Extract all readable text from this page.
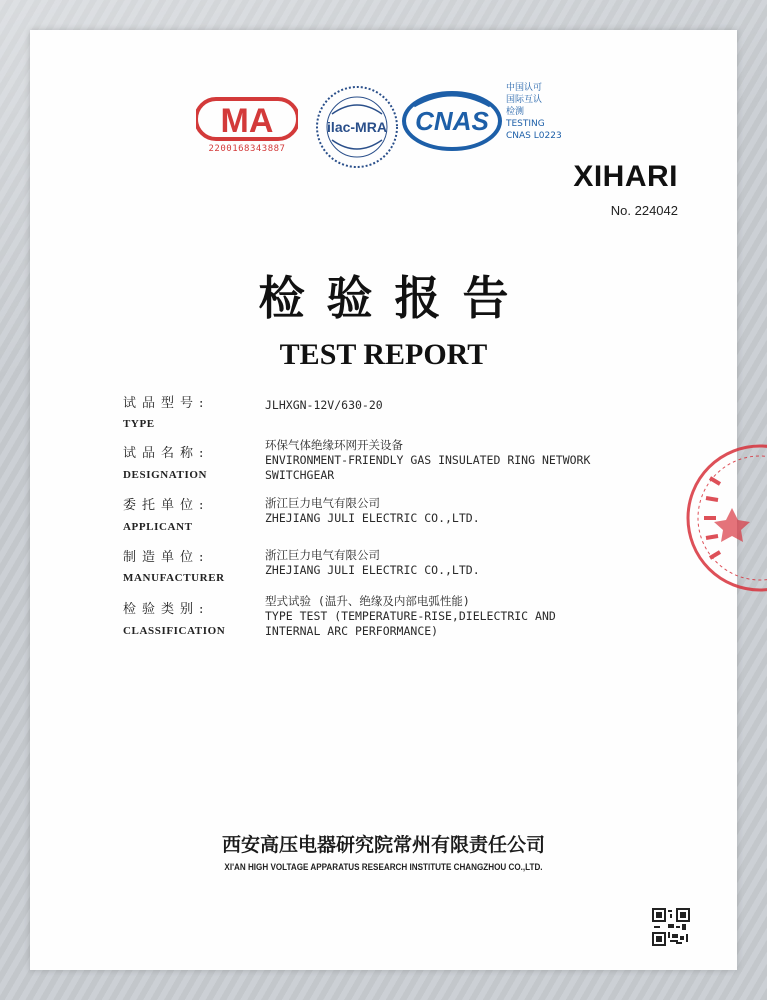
MA
2200168343887
ilac-MRA CNAS
中国认可
国际互认
检测
TESTING
CNAS L0223
XIHARI
No. 224042
检验报告
TEST REPORT
试品型号:
TYPE
JLHXGN-12V/630-20
试品名称:
DESIGNATION
环保气体绝缘环网开关设备
ENVIRONMENT-FRIENDLY GAS INSULATED RING NETWORK
SWITCHGEAR
委托单位:
APPLICANT
浙江巨力电气有限公司
ZHEJIANG JULI ELECTRIC CO.,LTD.
制造单位:
MANUFACTURER
浙江巨力电气有限公司
ZHEJIANG JULI ELECTRIC CO.,LTD.
检验类别:
CLASSIFICATION
型式试验 (温升、绝缘及内部电弧性能)
TYPE TEST (TEMPERATURE-RISE,DIELECTRIC AND
INTERNAL ARC PERFORMANCE)
西安高压电器研究院常州有限责任公司
XI'AN HIGH VOLTAGE APPARATUS RESEARCH INSTITUTE CHANGZHOU CO.,LTD.
